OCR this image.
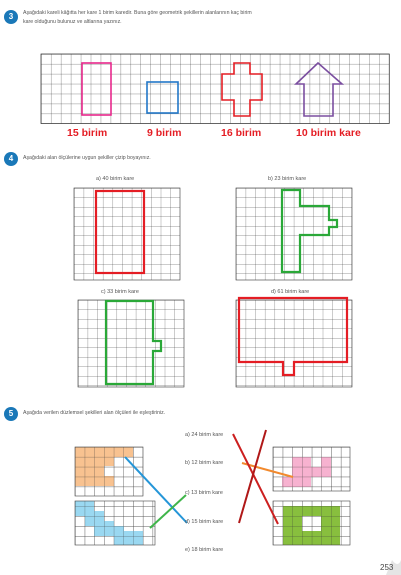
3	Aşağıdaki kareli kâğıtta her kare 1 birim karedir. Buna göre geometrik şekillerin alanlarının kaç birim
kare olduğunu bulunuz ve altlarına yazınız.
15 birim	9 birim	16 birim	10 birim kare
4	Aşağıdaki alan ölçülerine uygun şekiller çizip boyayınız.
a) 40 birim kare	b) 23 birim kare
c) 33 birim kare	d) 61 birim kare
5	Aşağıda verilen düzlemsel şekilleri alan ölçüleri ile eşleştiriniz.
a) 24 birim kare
b) 12 birim kare
c) 13 birim kare
d) 15 birim kare
e) 18 birim kare
253
